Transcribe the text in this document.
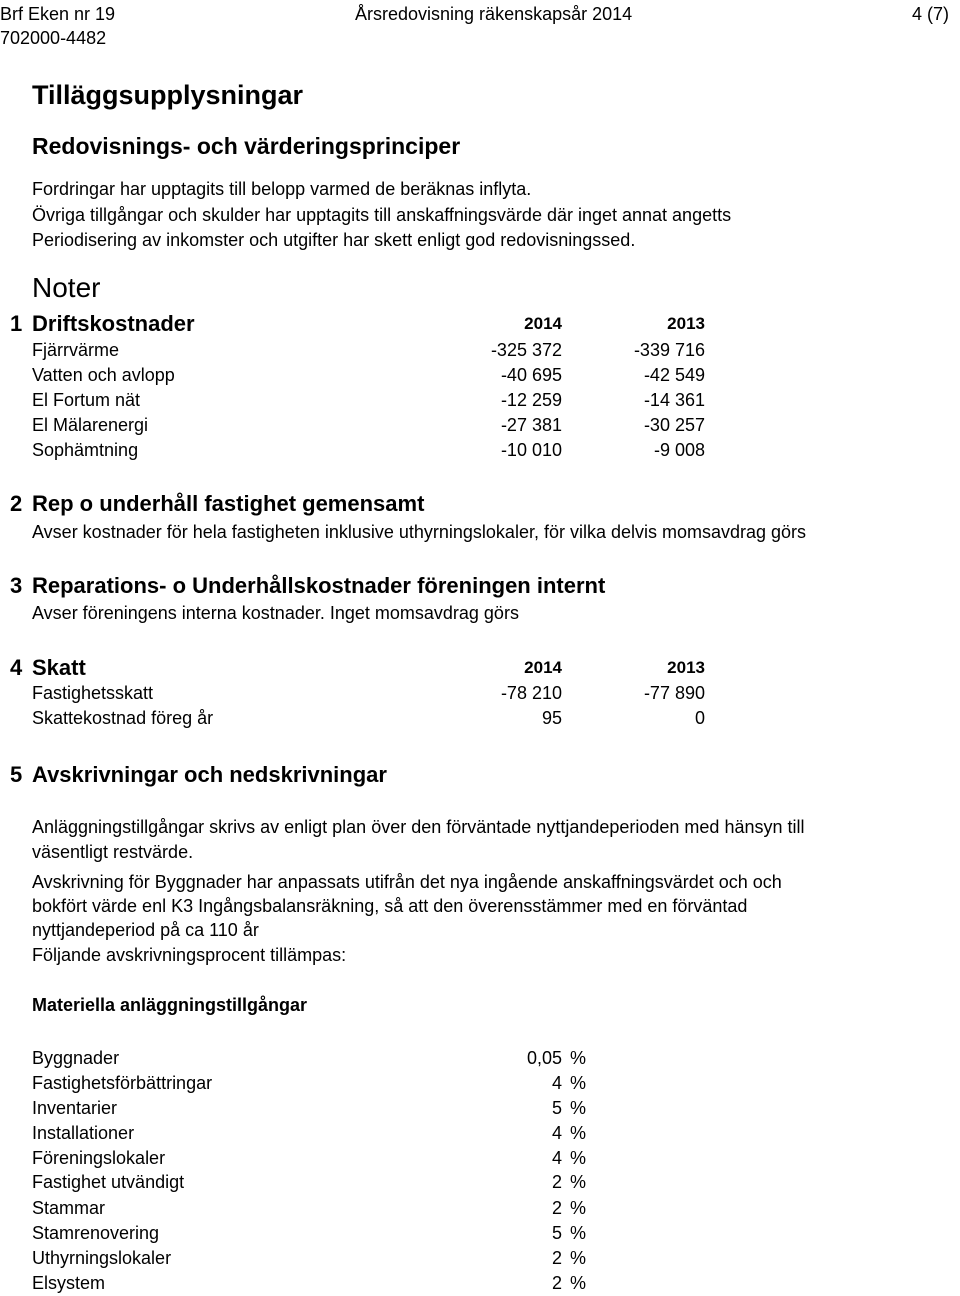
Brf Eken nr 19
702000-4482
Årsredovisning räkenskapsår 2014	4 (7)
Tilläggsupplysningar
Redovisnings- och värderingsprinciper
Fordringar har upptagits till belopp varmed de beräknas inflyta.
Övriga tillgångar och skulder har upptagits till anskaffningsvärde där inget annat angetts
Periodisering av inkomster och utgifter har skett enligt god redovisningssed.
Noter
1 Driftskostnader	2014	2013
Fjärrvärme	-325 372	-339 716
Vatten och avlopp	-40 695	-42 549
El Fortum nät	-12 259	-14 361
El Mälarenergi	-27 381	-30 257
Sophämtning	-10 010	-9 008
2 Rep o underhåll fastighet gemensamt
Avser kostnader för hela fastigheten inklusive uthyrningslokaler, för vilka delvis momsavdrag görs
3 Reparations- o Underhållskostnader föreningen internt
Avser föreningens interna kostnader. Inget momsavdrag görs
4 Skatt	2014	2013
Fastighetsskatt	-78 210	-77 890
Skattekostnad föreg år	95	0
5 Avskrivningar och nedskrivningar
Anläggningstillgångar skrivs av enligt plan över den förväntade nyttjandeperioden med hänsyn till
väsentligt restvärde.
Avskrivning för Byggnader har anpassats utifrån det nya ingående anskaffningsvärdet och och
bokfört värde enl K3 Ingångsbalansräkning, så att den överensstämmer med en förväntad
nyttjandeperiod på ca 110 år
Följande avskrivningsprocent tillämpas:
Materiella anläggningstillgångar
Byggnader	0,05 %
Fastighetsförbättringar	4 %
Inventarier	5 %
Installationer	4 %
Föreningslokaler	4 %
Fastighet utvändigt	2 %
Stammar	2 %
Stamrenovering	5 %
Uthyrningslokaler	2 %
Elsystem	2 %
